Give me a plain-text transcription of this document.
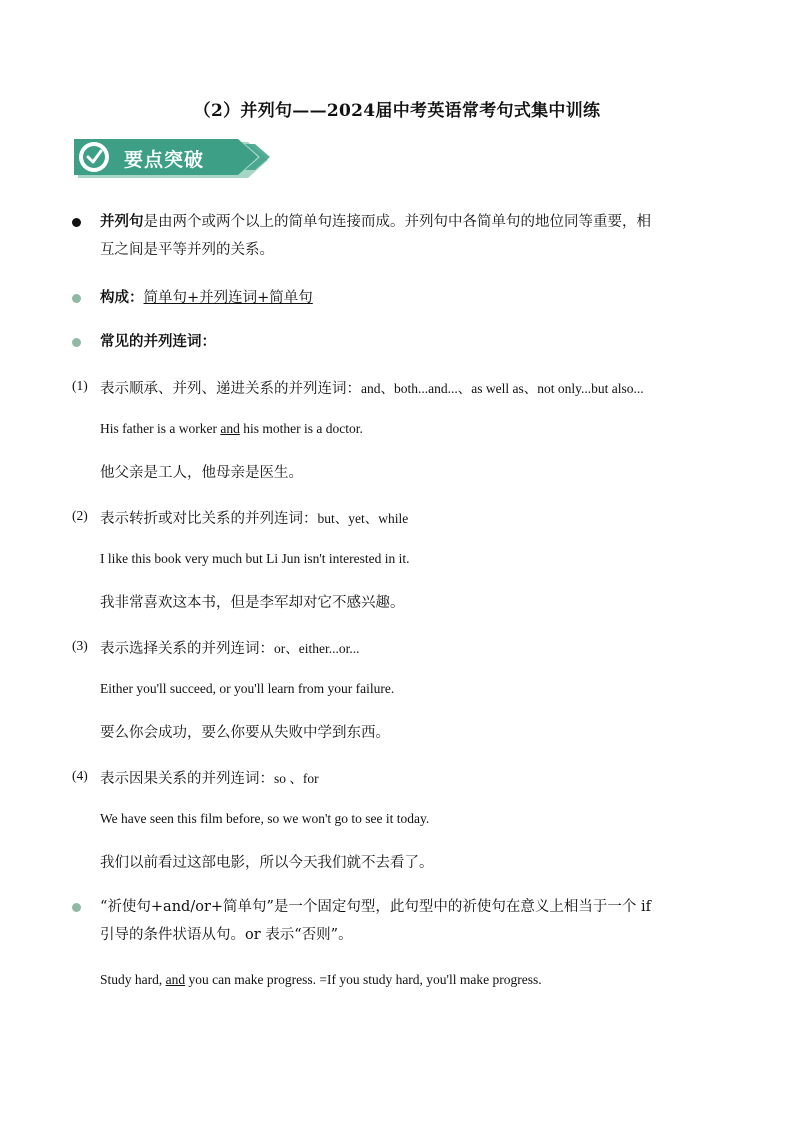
（2）并列句——2024届中考英语常考句式集中训练
要点突破
并列句是由两个或两个以上的简单句连接而成。并列句中各简单句的地位同等重要，相
互之间是平等并列的关系。
构成：简单句+并列连词+简单句
常见的并列连词：
(1) 表示顺承、并列、递进关系的并列连词：and、both...and...、as well as、not only...but also...
His father is a worker and his mother is a doctor.
他父亲是工人，他母亲是医生。
(2) 表示转折或对比关系的并列连词：but、yet、while
I like this book very much but Li Jun isn't interested in it.
我非常喜欢这本书，但是李军却对它不感兴趣。
(3) 表示选择关系的并列连词：or、either...or...
Either you'll succeed, or you'll learn from your failure.
要么你会成功，要么你要从失败中学到东西。
(4) 表示因果关系的并列连词：so 、for
We have seen this film before, so we won't go to see it today.
我们以前看过这部电影，所以今天我们就不去看了。
“祈使句+and/or+简单句”是一个固定句型，此句型中的祈使句在意义上相当于一个 if
引导的条件状语从句。or 表示“否则”。
Study hard, and you can make progress. =If you study hard, you'll make progress.
